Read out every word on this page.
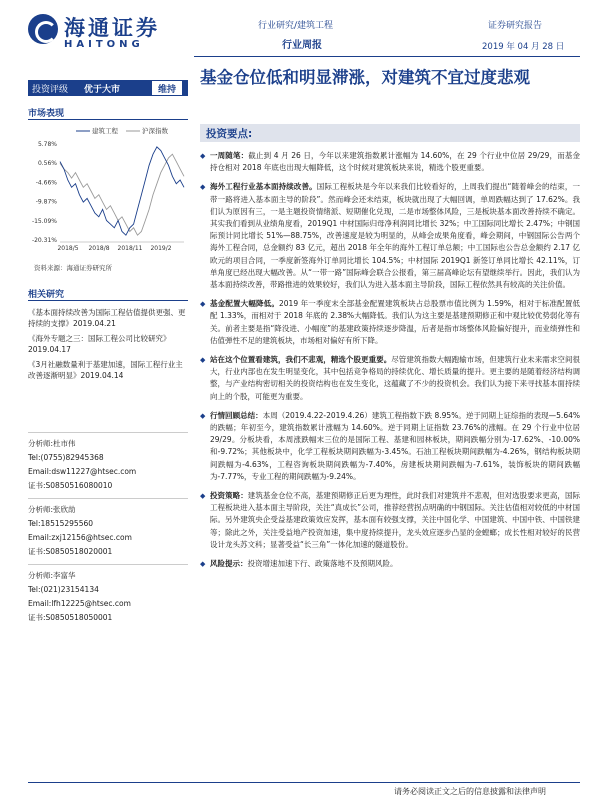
海通证券
HAITONG
行业研究/建筑工程
行业周报
证券研究报告
2019 年 04 月 28 日
投资评级	优于大市	维持
市场表现
建筑工程	沪深指数
5.78%
0.56%
-4.66%
-9.87%
-15.09%
-20.31%
2018/5 2018/8 2018/11 2019/2
资料来源：海通证券研究所
相关研究
《基本面持续改善为国际工程估值提供更强、更持续的支撑》2019.04.21
《海外专题之三：国际工程公司比较研究》2019.04.17
《3月社融数量利于基建加速，国际工程行业主改善逐渐明显》2019.04.14
分析师:杜市伟
Tel:(0755)82945368
Email:dsw11227@htsec.com
证书:S0850516080010
分析师:张欣劼
Tel:18515295560
Email:zxj12156@htsec.com
证书:S0850518020001
分析师:李富华
Tel:(021)23154134
Email:lfh12225@htsec.com
证书:S0850518050001
基金仓位低和明显滞涨，对建筑不宜过度悲观
投资要点:
◆ 一周随笔：截止到 4 月 26 日，今年以来建筑指数累计涨幅为 14.60%，在 29 个行业中位居 29/29，而基金持仓相对 2018 年底也出现大幅降低，这个时候对建筑板块来说，精选个股更重要。
◆ 海外工程行业基本面持续改善。国际工程板块是今年以来我们比较看好的，上周我们提出“随着峰会的结束，一带一路将进入基本面主导的阶段”。然而峰会还未结束，板块就出现了大幅回调，单周跌幅达到了 17.62%。我们认为原因有三，一是主题投资情绪派、短期催化兑现，二是市场整体风险，三是板块基本面改善持续不确定。其实我们看到从业绩角度看，2019Q1 中材国际归母净利润同比增长 32%；中工国际同比增长 2.47%；中钢国际预计同比增长 51%—88.75%，改善速度是较为明显的，从峰会成果角度看，峰会期间，中钢国际公告两个海外工程合同，总金额约 83 亿元，超出 2018 年全年的海外工程订单总额；中工国际也公告总金额约 2.17 亿欧元的项目合同，一季度新签海外订单同比增长 104.5%；中材国际 2019Q1 新签订单同比增长 42.11%，订单角度已经出现大幅改善。从“一带一路”国际峰会联合公报看，第三届高峰论坛有望继续举行。因此，我们认为基本面持续改善，带路推进的效果较好，我们认为进入基本面主导阶段，国际工程依然具有较高的关注价值。
◆ 基金配置大幅降低。2019 年一季度末全部基金配置建筑板块占总股票市值比例为 1.59%，相对于标准配置低配 1.33%，而相对于 2018 年底的 2.38%大幅降低。我们认为这主要是基建预期修正和中观比较优势弱化等有关。前者主要是指“降没进、小幅度”的基建政策持续逐步降温，后者是指市场整体风险偏好提升，而业绩弹性和估值弹性不足的建筑板块，市场相对偏好有所下降。
◆ 站在这个位置看建筑，我们不悲观，精选个股更重要。尽管建筑指数大幅跑输市场，但建筑行业未来需求空间很大，行业内部也在发生明显变化，其中包括竞争格局的持续优化、增长质量的提升。更主要的是随着经济结构调整，与产业结构密切相关的投资结构也在发生变化，这蕴藏了不少的投资机会。我们认为接下来寻找基本面持续向上的个股，可能更为重要。
◆ 行情回顾总结：本周（2019.4.22-2019.4.26）建筑工程指数下跌 8.95%。逆于同期上证综指的表现—5.64%的跌幅；年初至今，建筑指数累计涨幅为 14.60%。逆于同期上证指数 23.76%的涨幅。在 29 个行业中位居 29/29。分板块看，本周涨跌幅末三位的是国际工程、基建和园林板块，期间跌幅分别为-17.62%、-10.00%和-9.72%；其他板块中，化学工程板块期间跌幅为-3.45%。石油工程板块期间跌幅为-4.26%，钢结构板块期间跌幅为-4.63%，工程咨询板块期间跌幅为-7.40%，房建板块期间跌幅为-7.61%，装饰板块的期间跌幅为-7.77%，专业工程的期间跌幅为-9.24%。
◆ 投资策略：建筑基金仓位不高，基建预期修正后更为理性，此时我们对建筑并不悲观，但对选股要求更高，国际工程板块进入基本面主导阶段，关注“真成长”公司，推荐经营拐点明确的中钢国际。关注估值相对较低的中材国际。另外建筑央企受益基建政策效应发挥，基本面有较强支撑，关注中国化学、中国建筑、中国中铁、中国铁建等；除此之外，关注受益地产投资加速，集中度持续提升，龙头效应逐步凸显的金螳螂；成长性相对较好的民营设计龙头苏文科；显著受益“长三角”一体化加速的隧道股份。
◆ 风险提示：投资增速加速下行、政策落地不及预期风险。
请务必阅读正文之后的信息披露和法律声明
